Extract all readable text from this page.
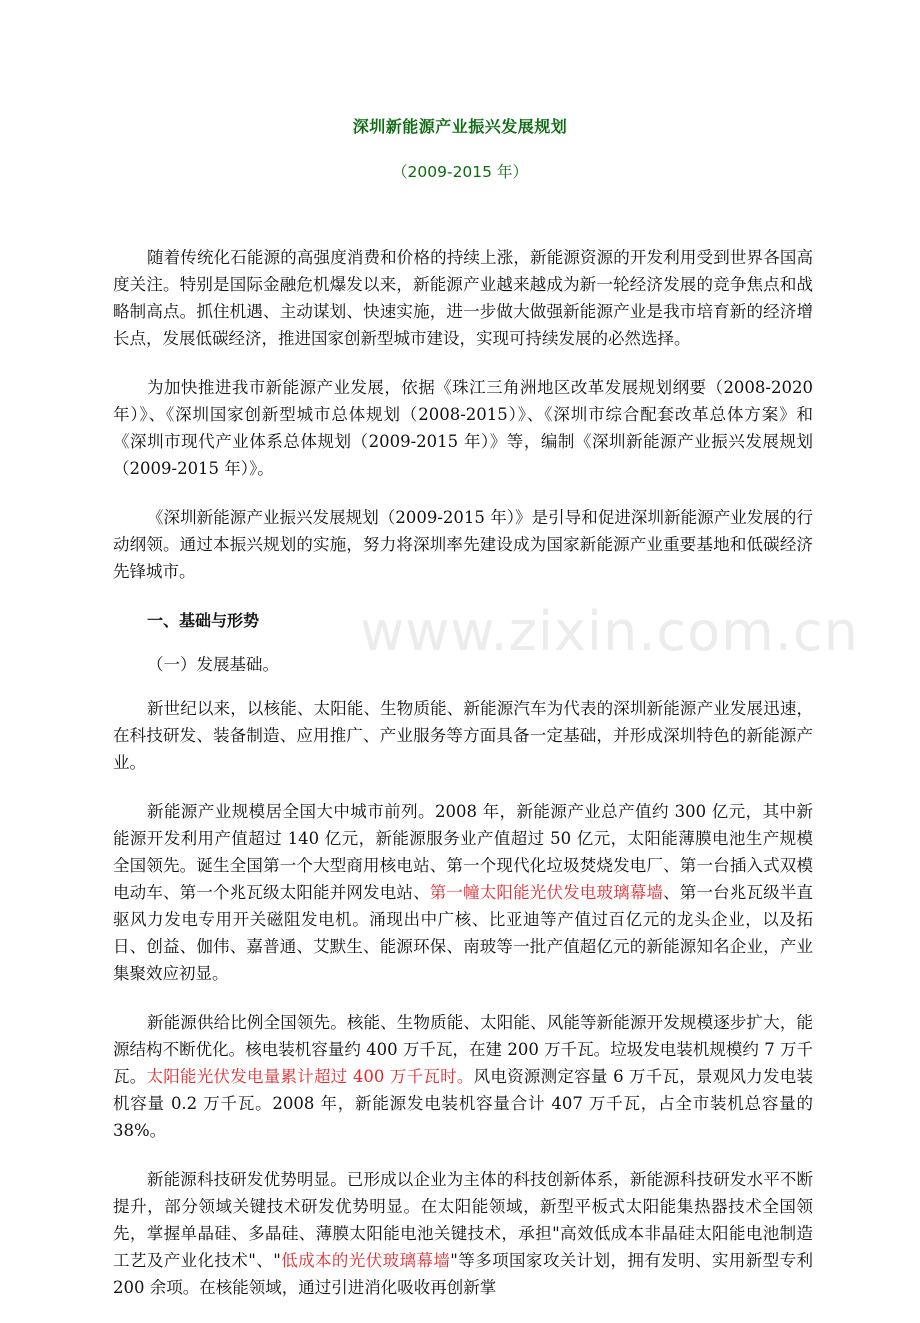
深圳新能源产业振兴发展规划
（2009-2015 年）
www.zixin.com.cn

随着传统化石能源的高强度消费和价格的持续上涨，新能源资源的开发利用受到世界各国高度关注。特别是国际金融危机爆发以来，新能源产业越来越成为新一轮经济发展的竞争焦点和战略制高点。抓住机遇、主动谋划、快速实施，进一步做大做强新能源产业是我市培育新的经济增长点，发展低碳经济，推进国家创新型城市建设，实现可持续发展的必然选择。

为加快推进我市新能源产业发展，依据《珠江三角洲地区改革发展规划纲要（2008-2020 年）》、《深圳国家创新型城市总体规划（2008-2015）》、《深圳市综合配套改革总体方案》和《深圳市现代产业体系总体规划（2009-2015 年）》等，编制《深圳新能源产业振兴发展规划（2009-2015 年）》。

《深圳新能源产业振兴发展规划（2009-2015 年）》是引导和促进深圳新能源产业发展的行动纲领。通过本振兴规划的实施，努力将深圳率先建设成为国家新能源产业重要基地和低碳经济先锋城市。

一、基础与形势
（一）发展基础。

新世纪以来，以核能、太阳能、生物质能、新能源汽车为代表的深圳新能源产业发展迅速，在科技研发、装备制造、应用推广、产业服务等方面具备一定基础，并形成深圳特色的新能源产业。

新能源产业规模居全国大中城市前列。2008 年，新能源产业总产值约 300 亿元，其中新能源开发利用产值超过 140 亿元，新能源服务业产值超过 50 亿元，太阳能薄膜电池生产规模全国领先。诞生全国第一个大型商用核电站、第一个现代化垃圾焚烧发电厂、第一台插入式双模电动车、第一个兆瓦级太阳能并网发电站、第一幢太阳能光伏发电玻璃幕墙、第一台兆瓦级半直驱风力发电专用开关磁阻发电机。涌现出中广核、比亚迪等产值过百亿元的龙头企业，以及拓日、创益、伽伟、嘉普通、艾默生、能源环保、南玻等一批产值超亿元的新能源知名企业，产业集聚效应初显。

新能源供给比例全国领先。核能、生物质能、太阳能、风能等新能源开发规模逐步扩大，能源结构不断优化。核电装机容量约 400 万千瓦，在建 200 万千瓦。垃圾发电装机规模约 7 万千瓦。太阳能光伏发电量累计超过 400 万千瓦时。风电资源测定容量 6 万千瓦，景观风力发电装机容量 0.2 万千瓦。2008 年，新能源发电装机容量合计 407 万千瓦，占全市装机总容量的 38%。

新能源科技研发优势明显。已形成以企业为主体的科技创新体系，新能源科技研发水平不断提升，部分领域关键技术研发优势明显。在太阳能领域，新型平板式太阳能集热器技术全国领先，掌握单晶硅、多晶硅、薄膜太阳能电池关键技术，承担"高效低成本非晶硅太阳能电池制造工艺及产业化技术"、"低成本的光伏玻璃幕墙"等多项国家攻关计划，拥有发明、实用新型专利 200 余项。在核能领域，通过引进消化吸收再创新掌
